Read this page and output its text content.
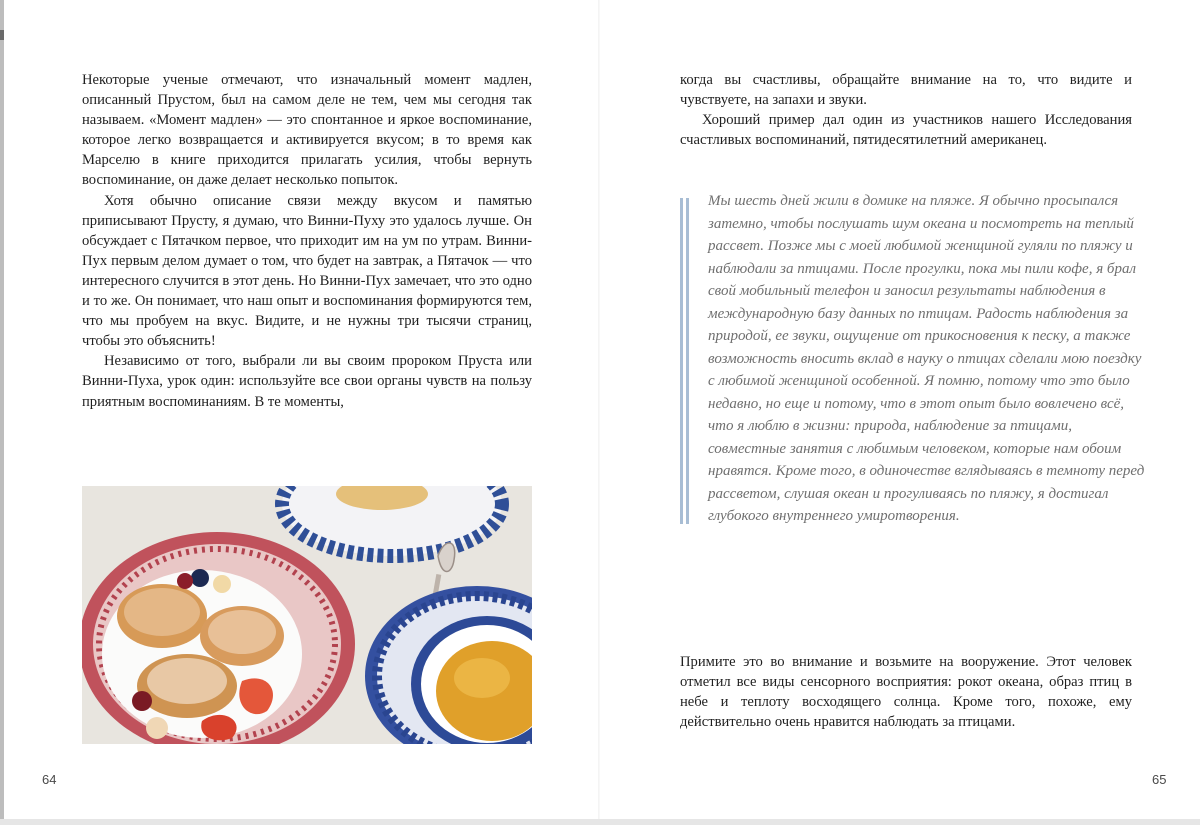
Некоторые ученые отмечают, что изначальный момент мадлен, описанный Прустом, был на самом деле не тем, чем мы сегодня так называем. «Момент мадлен» — это спонтанное и яркое воспоминание, которое легко возвращается и активируется вкусом; в то время как Марселю в книге приходится прилагать усилия, чтобы вернуть воспоминание, он даже делает несколько попыток.

Хотя обычно описание связи между вкусом и памятью приписывают Прусту, я думаю, что Винни-Пуху это удалось лучше. Он обсуждает с Пятачком первое, что приходит им на ум по утрам. Винни-Пух первым делом думает о том, что будет на завтрак, а Пятачок — что интересного случится в этот день. Но Винни-Пух замечает, что это одно и то же. Он понимает, что наш опыт и воспоминания формируются тем, что мы пробуем на вкус. Видите, и не нужны три тысячи страниц, чтобы это объяснить!

Независимо от того, выбрали ли вы своим пророком Пруста или Винни-Пуха, урок один: используйте все свои органы чувств на пользу приятным воспоминаниям. В те моменты,

64

когда вы счастливы, обращайте внимание на то, что видите и чувствуете, на запахи и звуки.

Хороший пример дал один из участников нашего Исследования счастливых воспоминаний, пятидесятилетний американец.

Мы шесть дней жили в домике на пляже. Я обычно просыпался затемно, чтобы послушать шум океана и посмотреть на теплый рассвет. Позже мы с моей любимой женщиной гуляли по пляжу и наблюдали за птицами. После прогулки, пока мы пили кофе, я брал свой мобильный телефон и заносил результаты наблюдения в международную базу данных по птицам. Радость наблюдения за природой, ее звуки, ощущение от прикосновения к песку, а также возможность вносить вклад в науку о птицах сделали мою поездку с любимой женщиной особенной. Я помню, потому что это было недавно, но еще и потому, что в этот опыт было вовлечено всё, что я люблю в жизни: природа, наблюдение за птицами, совместные занятия с любимым человеком, которые нам обоим нравятся. Кроме того, в одиночестве вглядываясь в темноту перед рассветом, слушая океан и прогуливаясь по пляжу, я достигал глубокого внутреннего умиротворения.

Примите это во внимание и возьмите на вооружение. Этот человек отметил все виды сенсорного восприятия: рокот океана, образ птиц в небе и теплоту восходящего солнца. Кроме того, похоже, ему действительно очень нравится наблюдать за птицами.
65
